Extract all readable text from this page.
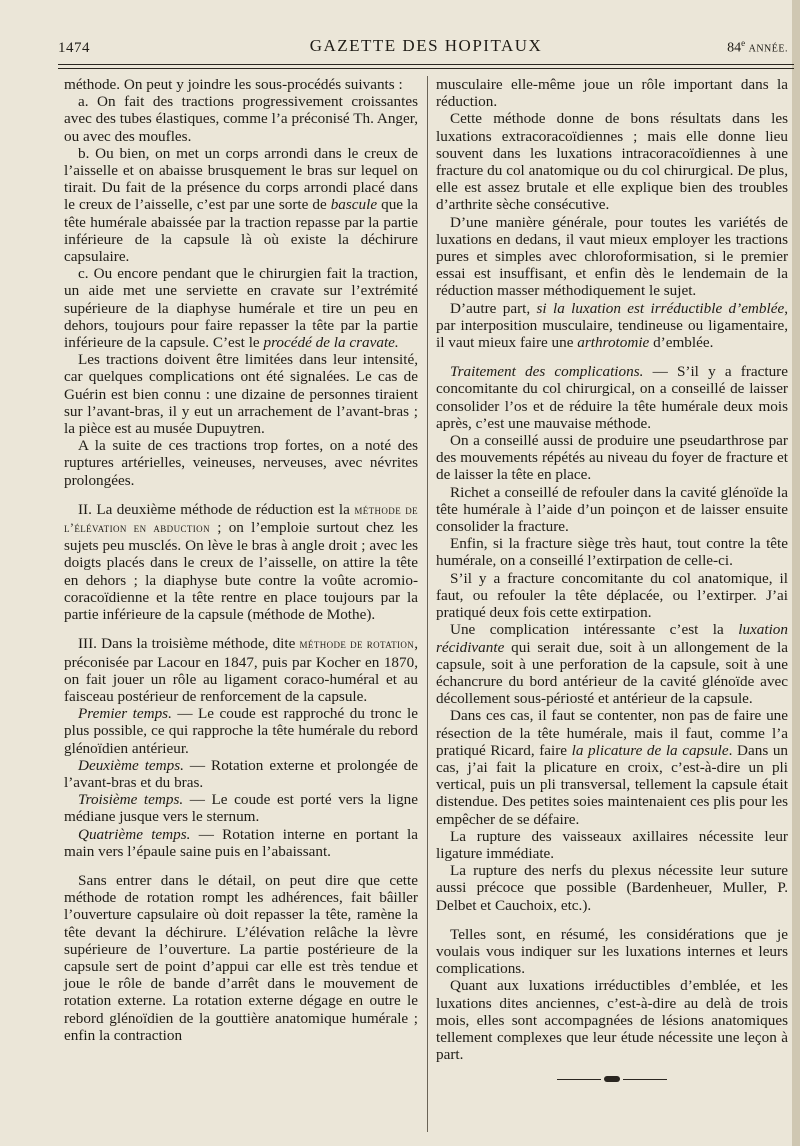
1474	GAZETTE DES HOPITAUX	84e ANNÉE.

méthode. On peut y joindre les sous-procédés suivants :

a. On fait des tractions progressivement croissantes avec des tubes élastiques, comme l’a préconisé Th. Anger, ou avec des moufles.

b. Ou bien, on met un corps arrondi dans le creux de l’aisselle et on abaisse brusquement le bras sur lequel on tirait. Du fait de la présence du corps arrondi placé dans le creux de l’aisselle, c’est par une sorte de bascule que la tête humérale abaissée par la traction repasse par la partie inférieure de la capsule là où existe la déchirure capsulaire.

c. Ou encore pendant que le chirurgien fait la traction, un aide met une serviette en cravate sur l’extrémité supérieure de la diaphyse humérale et tire un peu en dehors, toujours pour faire repasser la tête par la partie inférieure de la capsule. C’est le procédé de la cravate.

Les tractions doivent être limitées dans leur intensité, car quelques complications ont été signalées. Le cas de Guérin est bien connu : une dizaine de personnes tiraient sur l’avant-bras, il y eut un arrachement de l’avant-bras ; la pièce est au musée Dupuytren.

A la suite de ces tractions trop fortes, on a noté des ruptures artérielles, veineuses, nerveuses, avec névrites prolongées.

II. La deuxième méthode de réduction est la méthode de l’élévation en abduction ; on l’emploie surtout chez les sujets peu musclés. On lève le bras à angle droit ; avec les doigts placés dans le creux de l’aisselle, on attire la tête en dehors ; la diaphyse bute contre la voûte acromio-coracoïdienne et la tête rentre en place toujours par la partie inférieure de la capsule (méthode de Mothe).

III. Dans la troisième méthode, dite méthode de rotation, préconisée par Lacour en 1847, puis par Kocher en 1870, on fait jouer un rôle au ligament coraco-huméral et au faisceau postérieur de renforcement de la capsule.

Premier temps. — Le coude est rapproché du tronc le plus possible, ce qui rapproche la tête humérale du rebord glénoïdien antérieur.

Deuxième temps. — Rotation externe et prolongée de l’avant-bras et du bras.

Troisième temps. — Le coude est porté vers la ligne médiane jusque vers le sternum.

Quatrième temps. — Rotation interne en portant la main vers l’épaule saine puis en l’abaissant.

Sans entrer dans le détail, on peut dire que cette méthode de rotation rompt les adhérences, fait bâiller l’ouverture capsulaire où doit repasser la tête, ramène la tête devant la déchirure. L’élévation relâche la lèvre supérieure de l’ouverture. La partie postérieure de la capsule sert de point d’appui car elle est très tendue et joue le rôle de bande d’arrêt dans le mouvement de rotation externe. La rotation externe dégage en outre le rebord glénoïdien de la gouttière anatomique humérale ; enfin la contraction

musculaire elle-même joue un rôle important dans la réduction.

Cette méthode donne de bons résultats dans les luxations extracoracoïdiennes ; mais elle donne lieu souvent dans les luxations intracoracoïdiennes à une fracture du col anatomique ou du col chirurgical. De plus, elle est assez brutale et elle explique bien des troubles d’arthrite sèche consécutive.

D’une manière générale, pour toutes les variétés de luxations en dedans, il vaut mieux employer les tractions pures et simples avec chloroformisation, si le premier essai est insuffisant, et enfin dès le lendemain de la réduction masser méthodiquement le sujet.

D’autre part, si la luxation est irréductible d’emblée, par interposition musculaire, tendineuse ou ligamentaire, il vaut mieux faire une arthrotomie d’emblée.

Traitement des complications. — S’il y a fracture concomitante du col chirurgical, on a conseillé de laisser consolider l’os et de réduire la tête humérale deux mois après, c’est une mauvaise méthode.

On a conseillé aussi de produire une pseudarthrose par des mouvements répétés au niveau du foyer de fracture et de laisser la tête en place.

Richet a conseillé de refouler dans la cavité glénoïde la tête humérale à l’aide d’un poinçon et de laisser ensuite consolider la fracture.

Enfin, si la fracture siège très haut, tout contre la tête humérale, on a conseillé l’extirpation de celle-ci.

S’il y a fracture concomitante du col anatomique, il faut, ou refouler la tête déplacée, ou l’extirper. J’ai pratiqué deux fois cette extirpation.

Une complication intéressante c’est la luxation récidivante qui serait due, soit à un allongement de la capsule, soit à une perforation de la capsule, soit à une échancrure du bord antérieur de la cavité glénoïde avec décollement sous-périosté et antérieur de la capsule.

Dans ces cas, il faut se contenter, non pas de faire une résection de la tête humérale, mais il faut, comme l’a pratiqué Ricard, faire la plicature de la capsule. Dans un cas, j’ai fait la plicature en croix, c’est-à-dire un pli vertical, puis un pli transversal, tellement la capsule était distendue. Des petites soies maintenaient ces plis pour les empêcher de se défaire.

La rupture des vaisseaux axillaires nécessite leur ligature immédiate.

La rupture des nerfs du plexus nécessite leur suture aussi précoce que possible (Bardenheuer, Muller, P. Delbet et Cauchoix, etc.).

Telles sont, en résumé, les considérations que je voulais vous indiquer sur les luxations internes et leurs complications.

Quant aux luxations irréductibles d’emblée, et les luxations dites anciennes, c’est-à-dire au delà de trois mois, elles sont accompagnées de lésions anatomiques tellement complexes que leur étude nécessite une leçon à part.
